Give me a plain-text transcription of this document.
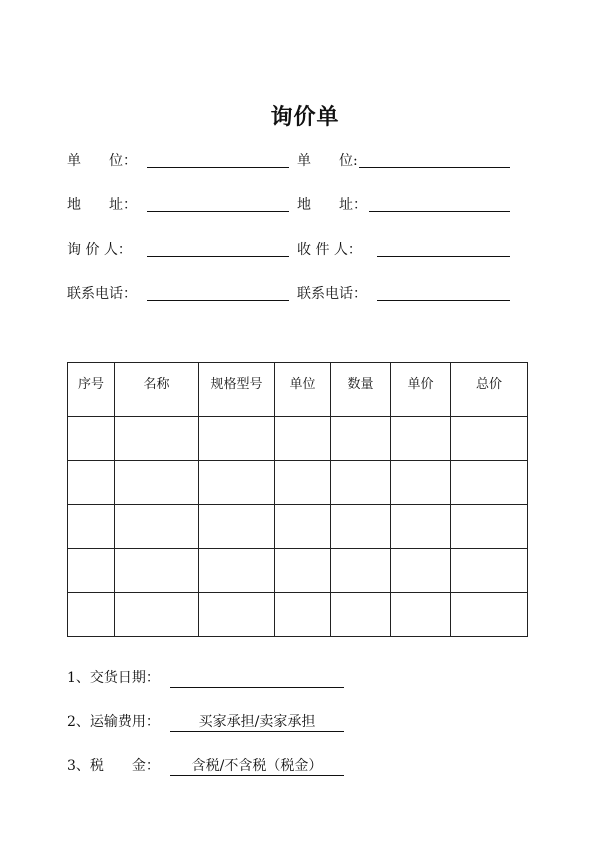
询价单
单　　位：
地　　址：
询 价 人：
联系电话：
单　　位:
地　　址：
收 件 人：
联系电话：
序号	名称	规格型号	单位	数量	单价	总价

1、交货日期：
2、运输费用：	买家承担/卖家承担
3、税　　金：	含税/不含税（税金）
